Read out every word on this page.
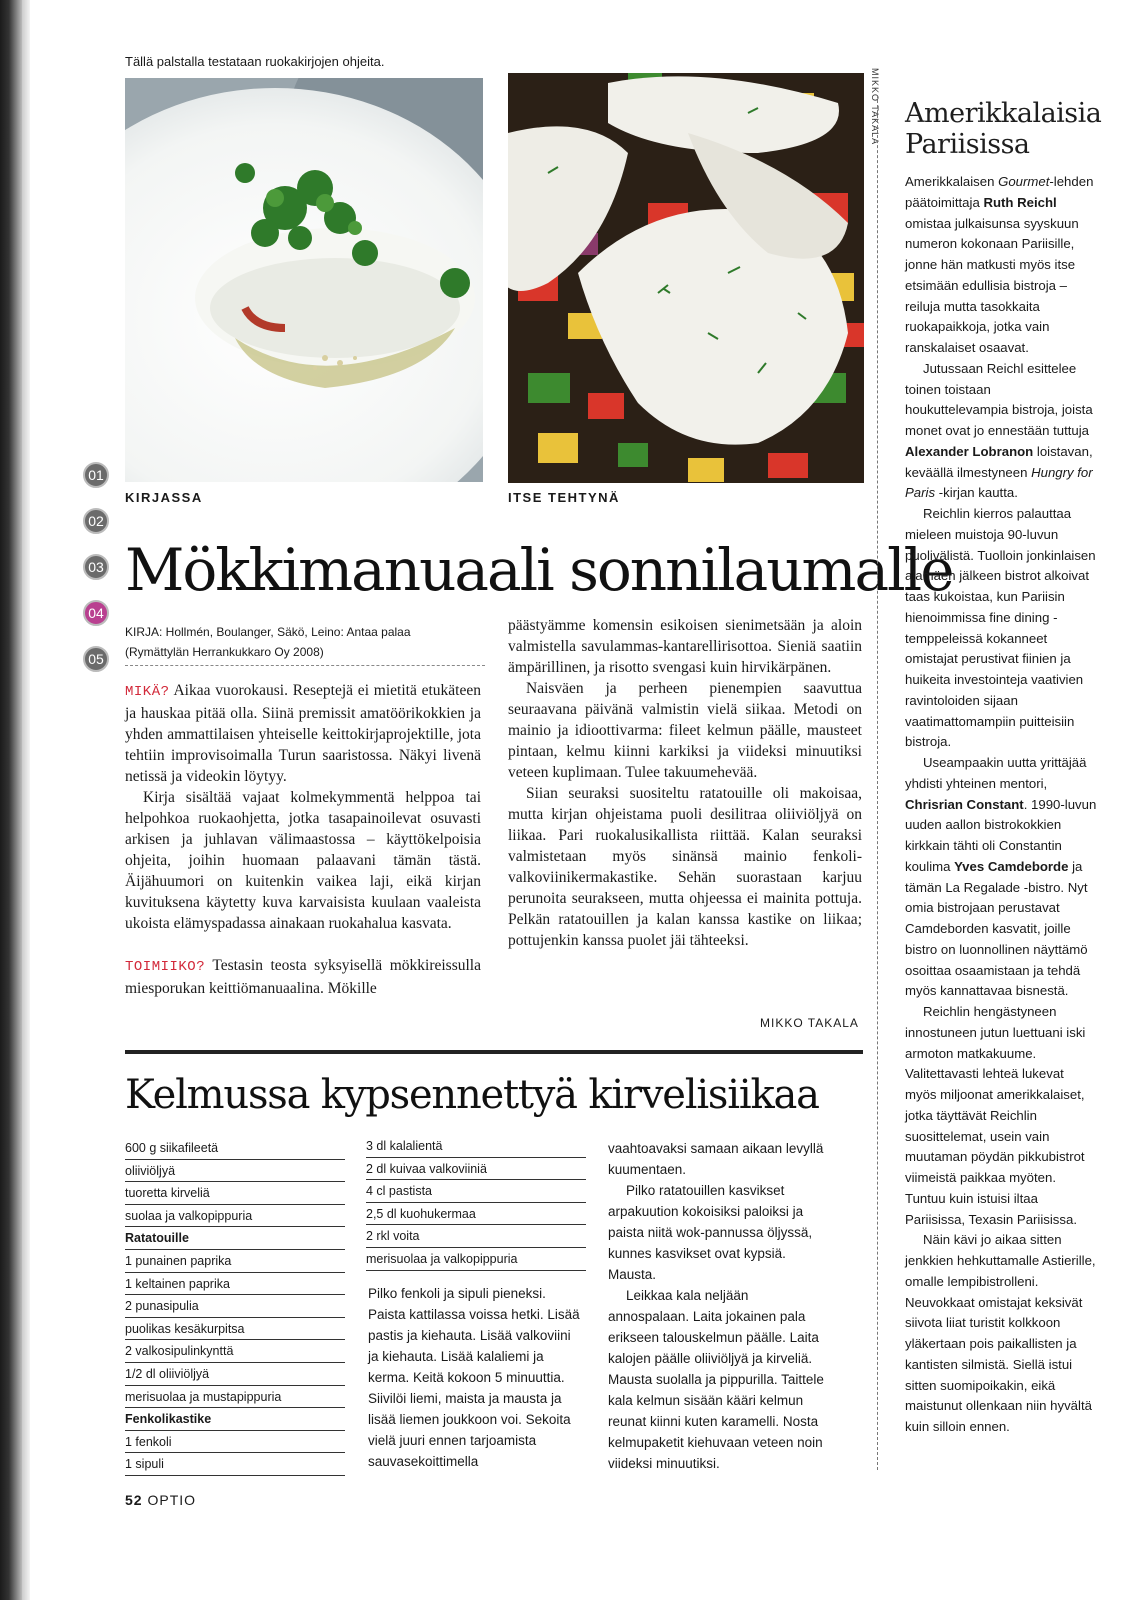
Tällä palstalla testataan ruokakirjojen ohjeita.
MIKKO TAKALA
KIRJASSA	ITSE TEHTYNÄ
01
02
03
04
05
Mökkimanuaali sonnilaumalle
KIRJA: Hollmén, Boulanger, Säkö, Leino: Antaa palaa
(Rymättylän Herrankukkaro Oy 2008)

MIKÄ? Aikaa vuorokausi. Reseptejä ei mietitä etukäteen ja hauskaa pitää olla. Siinä premissit amatöörikokkien ja yhden ammattilaisen yhteiselle keittokirjaprojektille, jota tehtiin improvisoimalla Turun saaristossa. Näkyi livenä netissä ja videokin löytyy.

Kirja sisältää vajaat kolmekymmentä helppoa tai helpohkoa ruokaohjetta, jotka tasapainoilevat osuvasti arkisen ja juhlavan välimaastossa – käyttökelpoisia ohjeita, joihin huomaan palaavani tämän tästä. Äijähuumori on kuitenkin vaikea laji, eikä kirjan kuvituksena käytetty kuva karvaisista kuulaan vaaleista ukoista elämyspadassa ainakaan ruokahalua kasvata.

TOIMIIKO? Testasin teosta syksyisellä mökkireissulla miesporukan keittiömanuaalina. Mökille

päästyämme komensin esikoisen sienimetsään ja aloin valmistella savulammas-kantarellirisottoa. Sieniä saatiin ämpärillinen, ja risotto svengasi kuin hirvikärpänen.

Naisväen ja perheen pienempien saavuttua seuraavana päivänä valmistin vielä siikaa. Metodi on mainio ja idioottivarma: fileet kelmun päälle, mausteet pintaan, kelmu kiinni karkiksi ja viideksi minuutiksi veteen kuplimaan. Tulee takuumehevää.

Siian seuraksi suositeltu ratatouille oli makoisaa, mutta kirjan ohjeistama puoli desilitraa oliiviöljyä on liikaa. Pari ruokalusikallista riittää. Kalan seuraksi valmistetaan myös sinänsä mainio fenkoli-valkoviinikermakastike. Sehän suorastaan karjuu perunoita seurakseen, mutta ohjeessa ei mainita pottuja. Pelkän ratatouillen ja kalan kanssa kastike on liikaa; pottujenkin kanssa puolet jäi tähteeksi.

MIKKO TAKALA
Kelmussa kypsennettyä kirvelisiikaa
600 g siikafileetä
oliiviöljyä
tuoretta kirveliä
suolaa ja valkopippuria
Ratatouille
1 punainen paprika
1 keltainen paprika
2 punasipulia
puolikas kesäkurpitsa
2 valkosipulinkynttä
1/2 dl oliiviöljyä
merisuolaa ja mustapippuria
Fenkolikastike
1 fenkoli
1 sipuli
3 dl kalalientä
2 dl kuivaa valkoviiniä
4 cl pastista
2,5 dl kuohukermaa
2 rkl voita
merisuolaa ja valkopippuria

Pilko fenkoli ja sipuli pieneksi. Paista kattilassa voissa hetki. Lisää pastis ja kiehauta. Lisää valkoviini ja kiehauta. Lisää kalaliemi ja kerma. Keitä kokoon 5 minuuttia. Siivilöi liemi, maista ja mausta ja lisää liemen joukkoon voi. Sekoita vielä juuri ennen tarjoamista sauvasekoittimella

vaahtoavaksi samaan aikaan levyllä kuumentaen.

Pilko ratatouillen kasvikset arpakuution kokoisiksi paloiksi ja paista niitä wok-pannussa öljyssä, kunnes kasvikset ovat kypsiä. Mausta.

Leikkaa kala neljään annospalaan. Laita jokainen pala erikseen talouskelmun päälle. Laita kalojen päälle oliiviöljyä ja kirveliä. Mausta suolalla ja pippurilla. Taittele kala kelmun sisään kääri kelmun reunat kiinni kuten karamelli. Nosta kelmupaketit kiehuvaan veteen noin viideksi minuutiksi.

52 OPTIO
Amerikkalaisia
Pariisissa

Amerikkalaisen Gourmet-lehden päätoimittaja Ruth Reichl omistaa julkaisunsa syyskuun numeron kokonaan Pariisille, jonne hän matkusti myös itse etsimään edullisia bistroja – reiluja mutta tasokkaita ruokapaikkoja, jotka vain ranskalaiset osaavat.

Jutussaan Reichl esittelee toinen toistaan houkuttelevampia bistroja, joista monet ovat jo ennestään tuttuja Alexander Lobranon loistavan, keväällä ilmestyneen Hungry for Paris -kirjan kautta.

Reichlin kierros palauttaa mieleen muistoja 90-luvun puolivälistä. Tuolloin jonkinlaisen alamäen jälkeen bistrot alkoivat taas kukoistaa, kun Pariisin hienoimmissa fine dining -temppeleissä kokanneet omistajat perustivat fiinien ja huikeita investointeja vaativien ravintoloiden sijaan vaatimattomampiin puitteisiin bistroja.

Useampaakin uutta yrittäjää yhdisti yhteinen mentori, Chrisrian Constant. 1990-luvun uuden aallon bistrokokkien kirkkain tähti oli Constantin koulima Yves Camdeborde ja tämän La Regalade -bistro. Nyt omia bistrojaan perustavat Camdeborden kasvatit, joille bistro on luonnollinen näyttämö osoittaa osaamistaan ja tehdä myös kannattavaa bisnestä.

Reichlin hengästyneen innostuneen jutun luettuani iski armoton matkakuume. Valitettavasti lehteä lukevat myös miljoonat amerikkalaiset, jotka täyttävät Reichlin suosittelemat, usein vain muutaman pöydän pikkubistrot viimeistä paikkaa myöten. Tuntuu kuin istuisi iltaa Pariisissa, Texasin Pariisissa.

Näin kävi jo aikaa sitten jenkkien hehkuttamalle Astierille, omalle lempibistrolleni. Neuvokkaat omistajat keksivät siivota liiat turistit kolkkoon yläkertaan pois paikallisten ja kantisten silmistä. Siellä istui sitten suomipoikakin, eikä maistunut ollenkaan niin hyvältä kuin silloin ennen.
